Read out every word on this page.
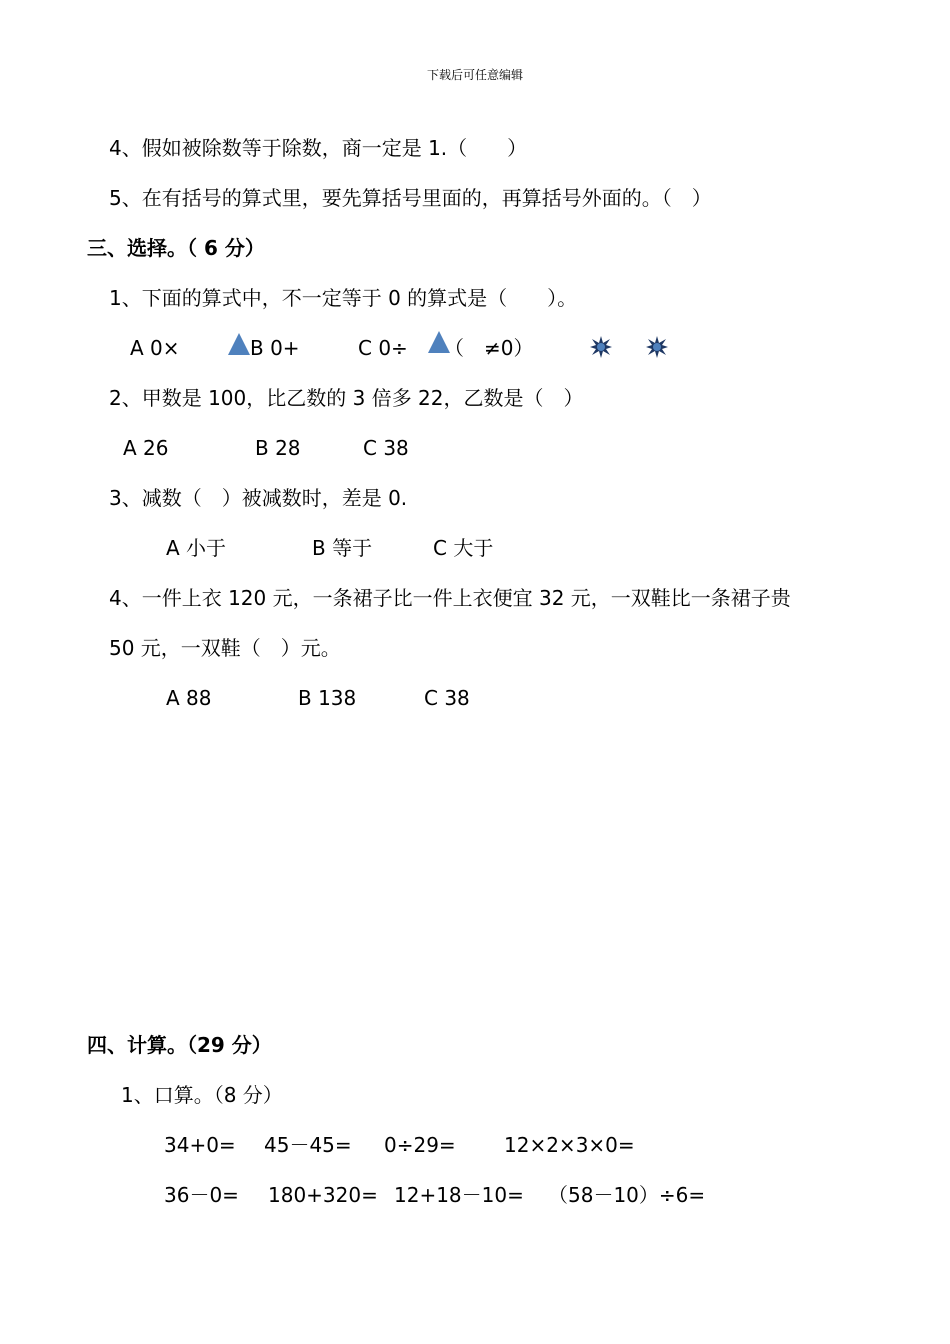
下载后可任意编辑
4、假如被除数等于除数，商一定是 1.（　　）
5、在有括号的算式里，要先算括号里面的，再算括号外面的。（　）
三、选择。（ 6 分）
1、下面的算式中，不一定等于 0 的算式是（　　）。
A 0×	B 0+	C 0÷ （　≠0）
2、甲数是 100，比乙数的 3 倍多 22，乙数是（　）
A 26	B 28	C 38
3、减数（　）被减数时，差是 0.
A 小于	B 等于	C 大于
4、一件上衣 120 元，一条裙子比一件上衣便宜 32 元，一双鞋比一条裙子贵
50 元，一双鞋（　）元。
A 88	B 138	C 38
四、计算。（29 分）
1、口算。（8 分）
34+0= 45－45= 0÷29= 12×2×3×0=
36－0= 180+320= 12+18－10= （58－10）÷6=
